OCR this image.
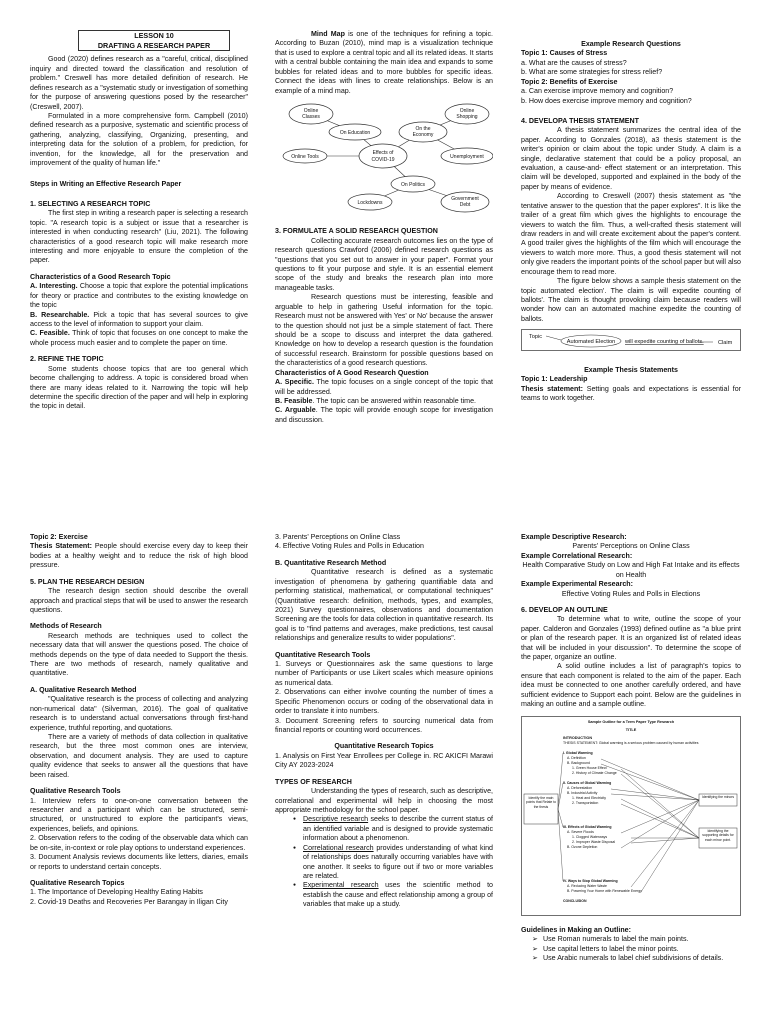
LESSON 10
DRAFTING A RESEARCH PAPER

Good (2020) defines research as a "careful, critical, disciplined inquiry and directed toward the classification and resolution of problem." Creswell has more detailed definition of research. He defines research as a "systematic study or investigation of something for the purpose of answering questions posed by the researcher" (Creswell, 2007).

Formulated in a more comprehensive form. Campbell (2010) defined research as a purposive, systematic and scientific process of gathering, analyzing, classifying, Organizing, presenting, and interpreting data for the solution of a problem, for prediction, for invention, for the knowledge, all for the preservation and improvement of the quality of human life."

Steps in Writing an Effective Research Paper

1. SELECTING A RESEARCH TOPIC

The first step in writing a research paper is selecting a research topic. "A research topic is a subject or issue that a researcher is interested in when conducting research" (Liu, 2021). The following characteristics of a good research topic will make research more interesting and more enjoyable to ensure the completion of the paper.

Characteristics of a Good Research Topic

A. Interesting. Choose a topic that explore the potential implications for theory or practice and contributes to the existing knowledge on the topic

B. Researchable. Pick a topic that has several sources to give access to the level of information to support your claim.

C. Feasible. Think of topic that focuses on one concept to make the whole process much easier and to complete the paper on time.

2. REFINE THE TOPIC

Some students choose topics that are too general which become challenging to address. A topic is considered broad when there are many ideas related to it. Narrowing the topic will help determine the specific direction of the paper and will help in exploring the topic in detail.

Mind Map is one of the techniques for refining a topic. According to Buzan (2010), mind map is a visualization technique that is used to explore a central topic and all its related ideas. It starts with a central bubble containing the main idea and expands to some bubbles for related ideas and to more bubbles for specific ideas. Connect the ideas with lines to create relationships. Below is an example of a mind map.

Effects of
COVID-19
Online
Classes
On Education
On the
Economy
Online
Shopping
Online Tools	Unemployment
On Politics
Lockdowns
Government
Debt

3. FORMULATE A SOLID RESEARCH QUESTION

Collecting accurate research outcomes lies on the type of research questions Crawford (2006) defined research questions as "questions that you set out to answer in your paper". Format your questions to fit your purpose and style. It is an essential element scope of the study and breaks the research plan into more manageable tasks.

Research questions must be interesting, feasible and arguable to help in gathering Useful information for the topic. Research must not be answered with Yes' or No' because the answer to the question should not just be a simple statement of fact. There should be a scope to discuss and interpret the data gathered. Knowledge on how to develop a research question is the foundation of successful research. Brainstorm for possible questions based on the characteristics of a good research questions.

Characteristics of A Good Research Question

A. Specific. The topic focuses on a single concept of the topic that will be addressed.

B. Feasible. The topic can be answered within reasonable time.

C. Arguable. The topic will provide enough scope for investigation and discussion.

Example Research Questions

Topic 1: Causes of Stress

a. What are the causes of stress?

b. What are some strategies for stress relief?

Topic 2: Benefits of Exercise

a. Can exercise improve memory and cognition?

b. How does exercise improve memory and cognition?

4. DEVELOPA THESIS STATEMENT

A thesis statement summarizes the central idea of the paper. According to Gonzales (2018), a3 thesis statement is the writer's opinion or claim about the topic under Study. A claim is a single, declarative statement that could be a policy proposal, an evaluation, a cause-and- effect statement or an interpretation. This claim will be developed, supported and explained in the body of the paper by means of evidence.

According to Creswell (2007) thesis statement as "the tentative answer to the question that the paper explores". It is like the trailer of a great film which gives the highlights to encourage the viewers to watch the film. Thus, a well-crafted thesis statement will draw readers in and will create excitement about the paper's content. A good trailer gives the highlights of the film which will encourage the viewers to watch more more. Thus, a good thesis statement will not only give readers the important points of the school paper but will also encourage them to read more.

The figure below shows a sample thesis statement on the topic automated election'. The claim is will expedite counting of ballots'. The claim is thought provoking claim because readers will wonder how can an automated machine expedite the counting of ballots.

Topic
Automated Election will expedite counting of ballots.	Claim

Example Thesis Statements

Topic 1: Leadership

Thesis statement: Setting goals and expectations is essential for teams to work together.

Topic 2: Exercise

Thesis Statement: People should exercise every day to keep their bodies at a healthy weight and to reduce the risk of high blood pressure.

5. PLAN THE RESEARCH DESIGN

The research design section should describe the overall approach and practical steps that will be used to answer the research questions.

Methods of Research

Research methods are techniques used to collect the necessary data that will answer the questions posed. The choice of methods depends on the type of data needed to Support the thesis. There are two methods of research, namely qualitative and quantitative.

A. Qualitative Research Method

"Qualitative research is the process of collecting and analyzing non-numerical data" (Silverman, 2016). The goal of qualitative research is to understand actual conversations through first-hand experience, truthful reporting, and quotations.

There are a variety of methods of data collection in qualitative research, but the three most common ones are interview, observation, and document analysis. They are used to capture quality evidence that seeks to answer all the questions that have been raised.

Qualitative Research Tools

1. Interview refers to one-on-one conversation between the researcher and a participant which can be structured, semi-structured, or unstructured to explore the participant's views, experiences, beliefs, and opinions.

2. Observation refers to the coding of the observable data which can be on-site, in-context or role play options to understand experiences.

3. Document Analysis reviews documents like letters, diaries, emails or reports to understand certain concepts.

Qualitative Research Topics

1. The Importance of Developing Healthy Eating Habits

2. Covid-19 Deaths and Recoveries Per Barangay in Iligan City

3. Parents' Perceptions on Online Class

4. Effective Voting Rules and Polls in Education

B. Quantitative Research Method

Quantitative research is defined as a systematic investigation of phenomena by gathering quantifiable data and performing statistical, mathematical, or computational techniques" (Quantitative research: definition, methods, types, and examples, 2021) Survey questionnaires, observations and documentation Screening are the tools for data collection in quantitative research. Its goal is to "find patterns and averages, make predictions, test causal relationships and generalize results to wider populations".

Quantitative Research Tools

1. Surveys or Questionnaires ask the same questions to large number of Participants or use Likert scales which measure opinions as numerical data.

2. Observations can either involve counting the number of times a Specific Phenomenon occurs or coding of the observational data in order to translate it into numbers.

3. Document Screening refers to sourcing numerical data from financial reports or counting word occurrences.

Quantitative Research Topics

1. Analysis on First Year Enrollees per College in. RC AKICFI Marawi City AY 2023-2024

TYPES OF RESEARCH

Understanding the types of research, such as descriptive, correlational and experimental will help in choosing the most appropriate methodology for the school paper.

● Descriptive research seeks to describe the current status of an identified variable and is designed to provide systematic information about a phenomenon.
● Correlational research provides understanding of what kind of relationships does naturally occurring variables have with one another. It seeks to figure out if two or more variables are related.
● Experimental research uses the scientific method to establish the cause and effect relationship among a group of variables that make up a study.

Example Descriptive Research:

Parents' Perceptions on Online Class

Example Correlational Research:

Health Comparative Study on Low and High Fat Intake and its effects on Health

Example Experimental Research:

Effective Voting Rules and Polls in Elections

6. DEVELOP AN OUTLINE

To determine what to write, outline the scope of your paper. Calderon and Gonzales (1993) defined outline as "a blue print or plan of the research paper. It is an organized list of related ideas that will be included in your discussion". To determine the scope of the paper, organize an outline.

A solid outline includes a list of paragraph's topics to ensure that each component is related to the aim of the paper. Each idea must be connected to one another carefully ordered, and have sufficient evidence to Support each point. Below are the guidelines in making an outline and a sample outline.

Sample Outline for a Term Paper Type Research
TITLE
INTRODUCTION
THESIS STATEMENT: Global warming is a serious problem caused by human activities
I. Global Warming
A. Definition
B. Background
1. Green House Effect
2. History of Climate Change
II. Causes of Global Warming
A. Deforestation
B. Industrial Activity
1. Heat and Electricity
2. Transportation
III. Effects of Global Warming
A. Severe Floods
1. Clogged Waterways
2. Improper Waste Disposal
B. Ozone Depletion
IV. Ways to Stop Global Warming
A. Reducing Water Waste
B. Powering Your Home with Renewable Energy
CONCLUSION
Identify the main points that Relate to the thesis
Identifying the minors
Identifying the supporting details for each minor point.

Guidelines in Making an Outline:

➢ Use Roman numerals to label the main points.
➢ Use capital letters to label the minor points.
➢ Use Arabic numerals to label chief subdivisions of details.
